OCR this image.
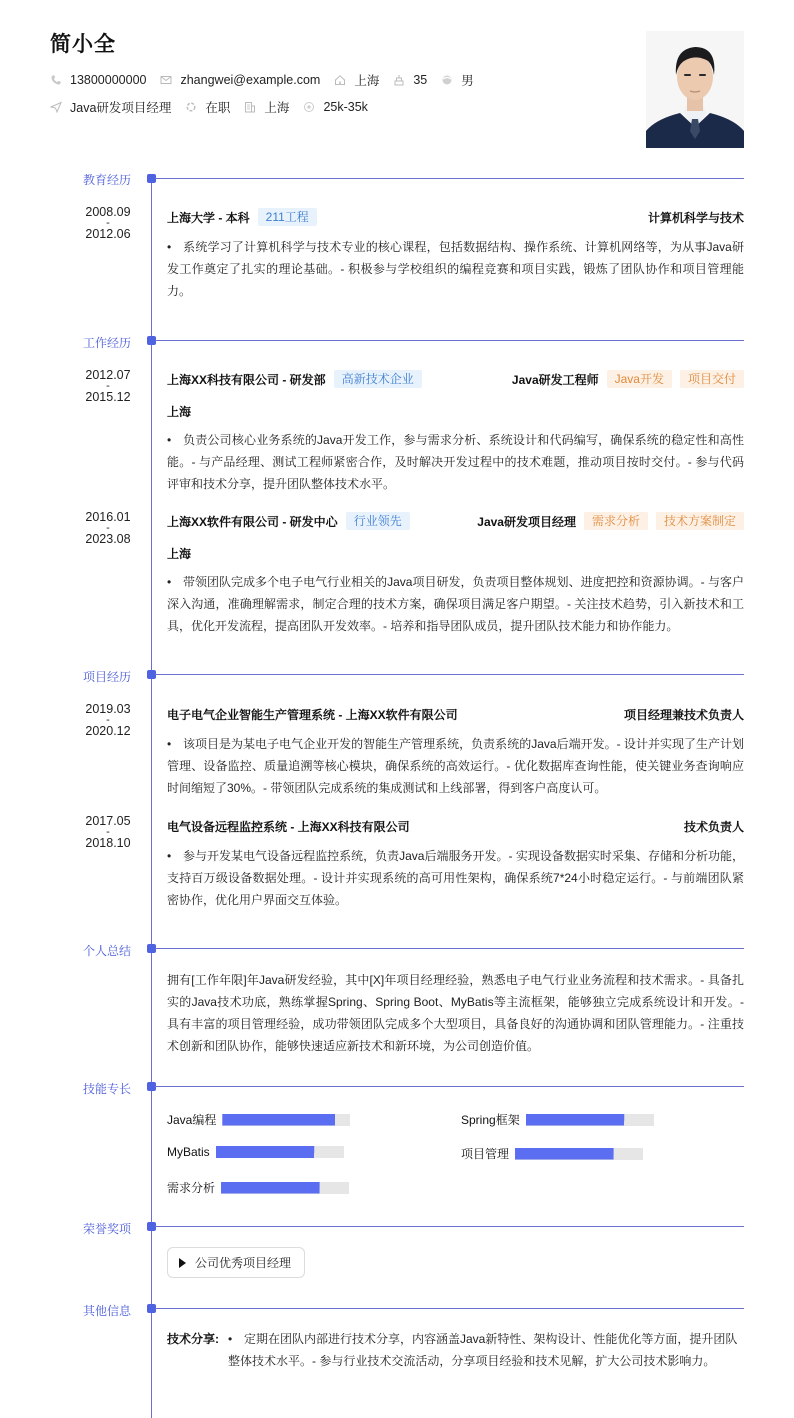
简小全
13800000000	zhangwei@example.com	上海	35	男
Java研发项目经理	在职	上海	25k-35k
教育经历
2008.09
-
2012.06
上海大学 - 本科	211工程	计算机科学与技术
• 系统学习了计算机科学与技术专业的核心课程，包括数据结构、操作系统、计算机网络等，为从事Java研发工作奠定了扎实的理论基础。- 积极参与学校组织的编程竞赛和项目实践，锻炼了团队协作和项目管理能力。
工作经历
2012.07
-
2015.12
上海XX科技有限公司 - 研发部	高新技术企业	Java研发工程师	Java开发	项目交付
上海
• 负责公司核心业务系统的Java开发工作，参与需求分析、系统设计和代码编写，确保系统的稳定性和高性能。- 与产品经理、测试工程师紧密合作，及时解决开发过程中的技术难题，推动项目按时交付。- 参与代码评审和技术分享，提升团队整体技术水平。
2016.01
-
2023.08
上海XX软件有限公司 - 研发中心	行业领先	Java研发项目经理	需求分析	技术方案制定
上海
• 带领团队完成多个电子电气行业相关的Java项目研发，负责项目整体规划、进度把控和资源协调。- 与客户深入沟通，准确理解需求，制定合理的技术方案，确保项目满足客户期望。- 关注技术趋势，引入新技术和工具，优化开发流程，提高团队开发效率。- 培养和指导团队成员，提升团队技术能力和协作能力。
项目经历
2019.03
-
2020.12
电子电气企业智能生产管理系统 - 上海XX软件有限公司	项目经理兼技术负责人
• 该项目是为某电子电气企业开发的智能生产管理系统，负责系统的Java后端开发。- 设计并实现了生产计划管理、设备监控、质量追溯等核心模块，确保系统的高效运行。- 优化数据库查询性能，使关键业务查询响应时间缩短了30%。- 带领团队完成系统的集成测试和上线部署，得到客户高度认可。
2017.05
-
2018.10
电气设备远程监控系统 - 上海XX科技有限公司	技术负责人
• 参与开发某电气设备远程监控系统，负责Java后端服务开发。- 实现设备数据实时采集、存储和分析功能，支持百万级设备数据处理。- 设计并实现系统的高可用性架构，确保系统7*24小时稳定运行。- 与前端团队紧密协作，优化用户界面交互体验。
个人总结
拥有[工作年限]年Java研发经验，其中[X]年项目经理经验，熟悉电子电气行业业务流程和技术需求。- 具备扎实的Java技术功底，熟练掌握Spring、Spring Boot、MyBatis等主流框架，能够独立完成系统设计和开发。- 具有丰富的项目管理经验，成功带领团队完成多个大型项目，具备良好的沟通协调和团队管理能力。- 注重技术创新和团队协作，能够快速适应新技术和新环境，为公司创造价值。
技能专长
Java编程	Spring框架
MyBatis	项目管理
需求分析
荣誉奖项
公司优秀项目经理
其他信息
技术分享: • 定期在团队内部进行技术分享，内容涵盖Java新特性、架构设计、性能优化等方面，提升团队整体技术水平。- 参与行业技术交流活动，分享项目经验和技术见解，扩大公司技术影响力。
